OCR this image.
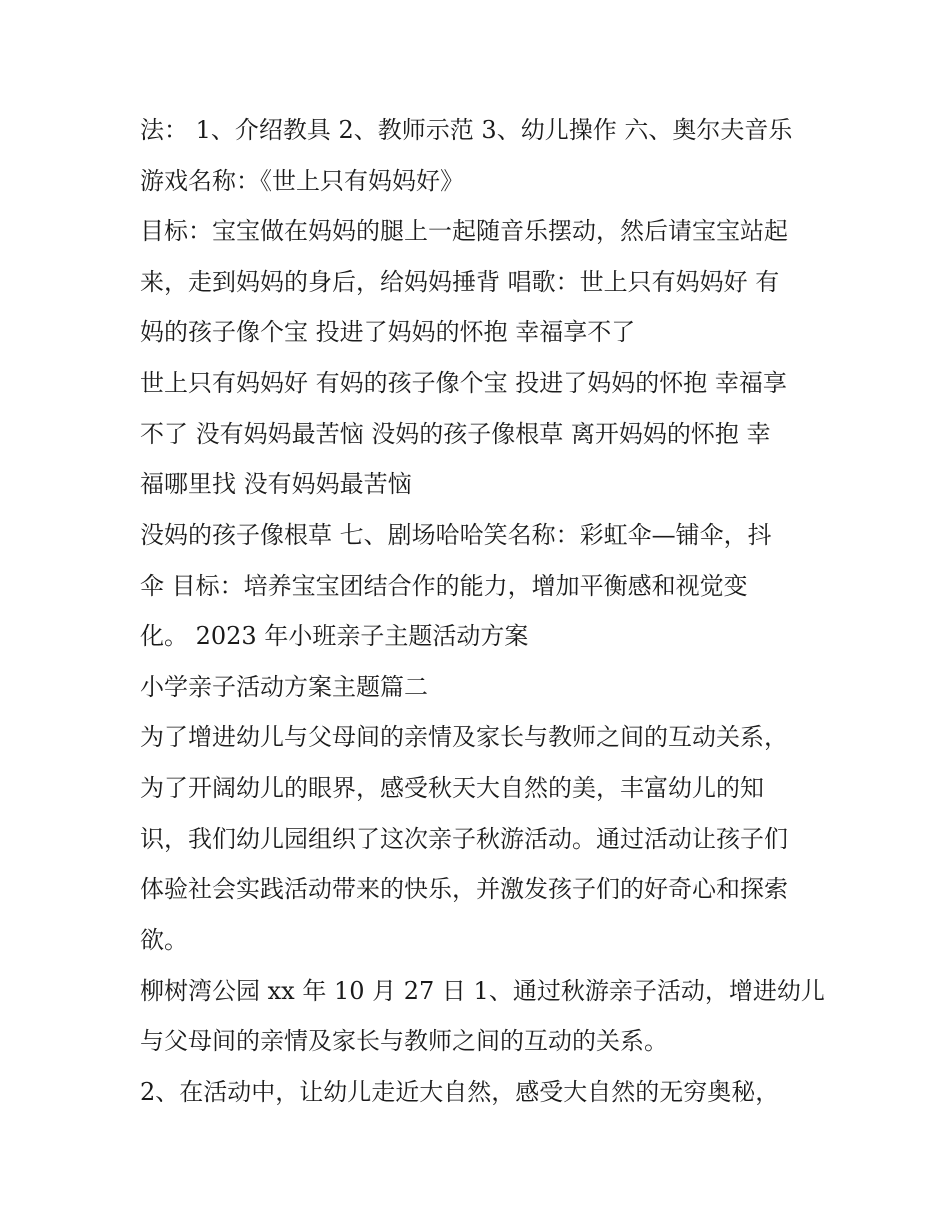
法： 1、介绍教具 2、教师示范 3、幼儿操作 六、奥尔夫音乐
游戏名称：《世上只有妈妈好》
目标：宝宝做在妈妈的腿上一起随音乐摆动，然后请宝宝站起
来，走到妈妈的身后，给妈妈捶背 唱歌：世上只有妈妈好 有
妈的孩子像个宝 投进了妈妈的怀抱 幸福享不了
世上只有妈妈好 有妈的孩子像个宝 投进了妈妈的怀抱 幸福享
不了 没有妈妈最苦恼 没妈的孩子像根草 离开妈妈的怀抱 幸
福哪里找 没有妈妈最苦恼
没妈的孩子像根草 七、剧场哈哈笑名称：彩虹伞—铺伞，抖
伞 目标：培养宝宝团结合作的能力，增加平衡感和视觉变
化。 2023 年小班亲子主题活动方案
小学亲子活动方案主题篇二
为了增进幼儿与父母间的亲情及家长与教师之间的互动关系，
为了开阔幼儿的眼界，感受秋天大自然的美，丰富幼儿的知
识，我们幼儿园组织了这次亲子秋游活动。通过活动让孩子们
体验社会实践活动带来的快乐，并激发孩子们的好奇心和探索
欲。
柳树湾公园 xx 年 10 月 27 日 1、通过秋游亲子活动，增进幼儿
与父母间的亲情及家长与教师之间的互动的关系。
2、在活动中，让幼儿走近大自然，感受大自然的无穷奥秘，
